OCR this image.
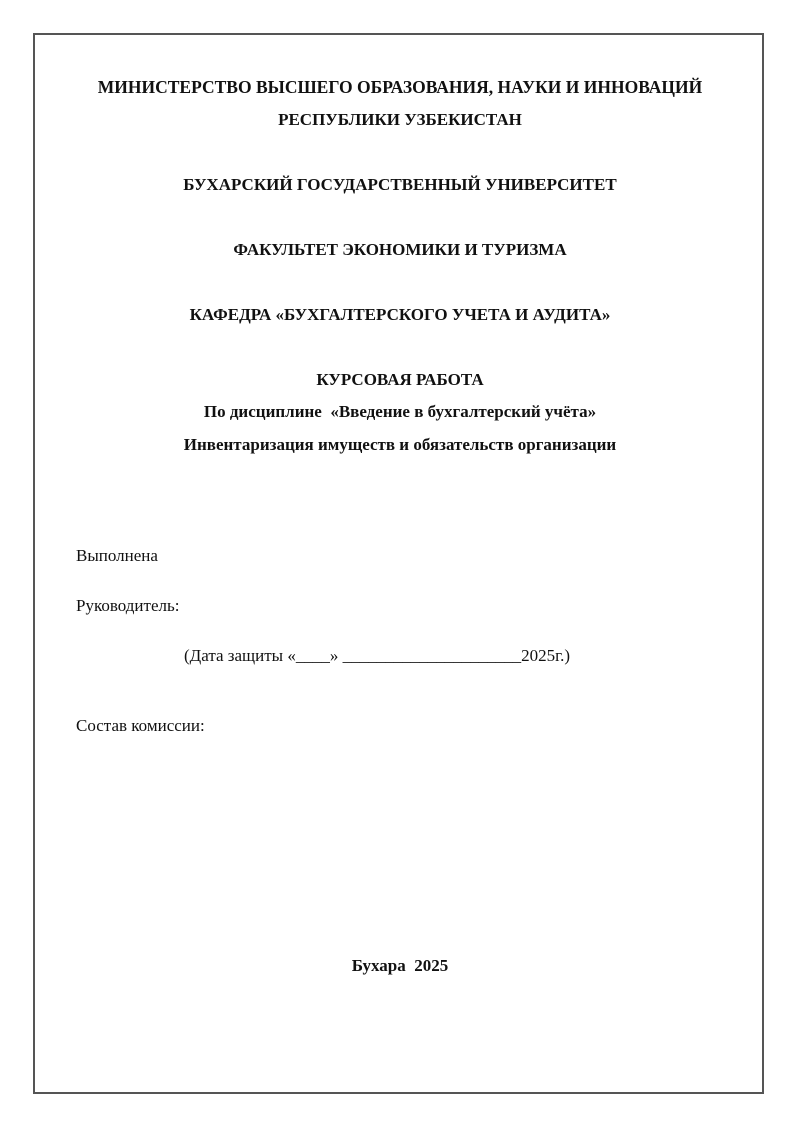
МИНИСТЕРСТВО ВЫСШЕГО ОБРАЗОВАНИЯ, НАУКИ И ИННОВАЦИЙ
РЕСПУБЛИКИ УЗБЕКИСТАН
БУХАРСКИЙ ГОСУДАРСТВЕННЫЙ УНИВЕРСИТЕТ
ФАКУЛЬТЕТ ЭКОНОМИКИ И ТУРИЗМА
КАФЕДРА «БУХГАЛТЕРСКОГО УЧЕТА И АУДИТА»
КУРСОВАЯ РАБОТА
По дисциплине  «Введение в бухгалтерский учёта»
Инвентаризация имуществ и обязательств организации
Выполнена
Руководитель:
(Дата защиты «____» _____________________2025г.)
Состав комиссии:
Бухара  2025
